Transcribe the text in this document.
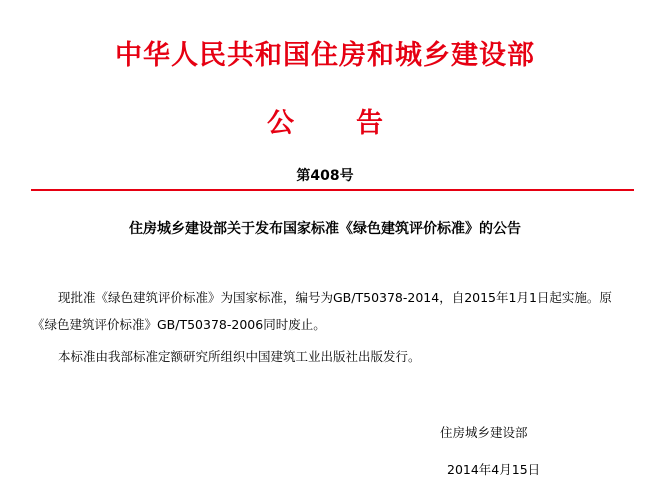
中华人民共和国住房和城乡建设部
公告
第408号
住房城乡建设部关于发布国家标准《绿色建筑评价标准》的公告

现批准《绿色建筑评价标准》为国家标准，编号为GB/T50378-2014，自2015年1月1日起实施。原《绿色建筑评价标准》GB/T50378-2006同时废止。

本标准由我部标准定额研究所组织中国建筑工业出版社出版发行。

住房城乡建设部
2014年4月15日
